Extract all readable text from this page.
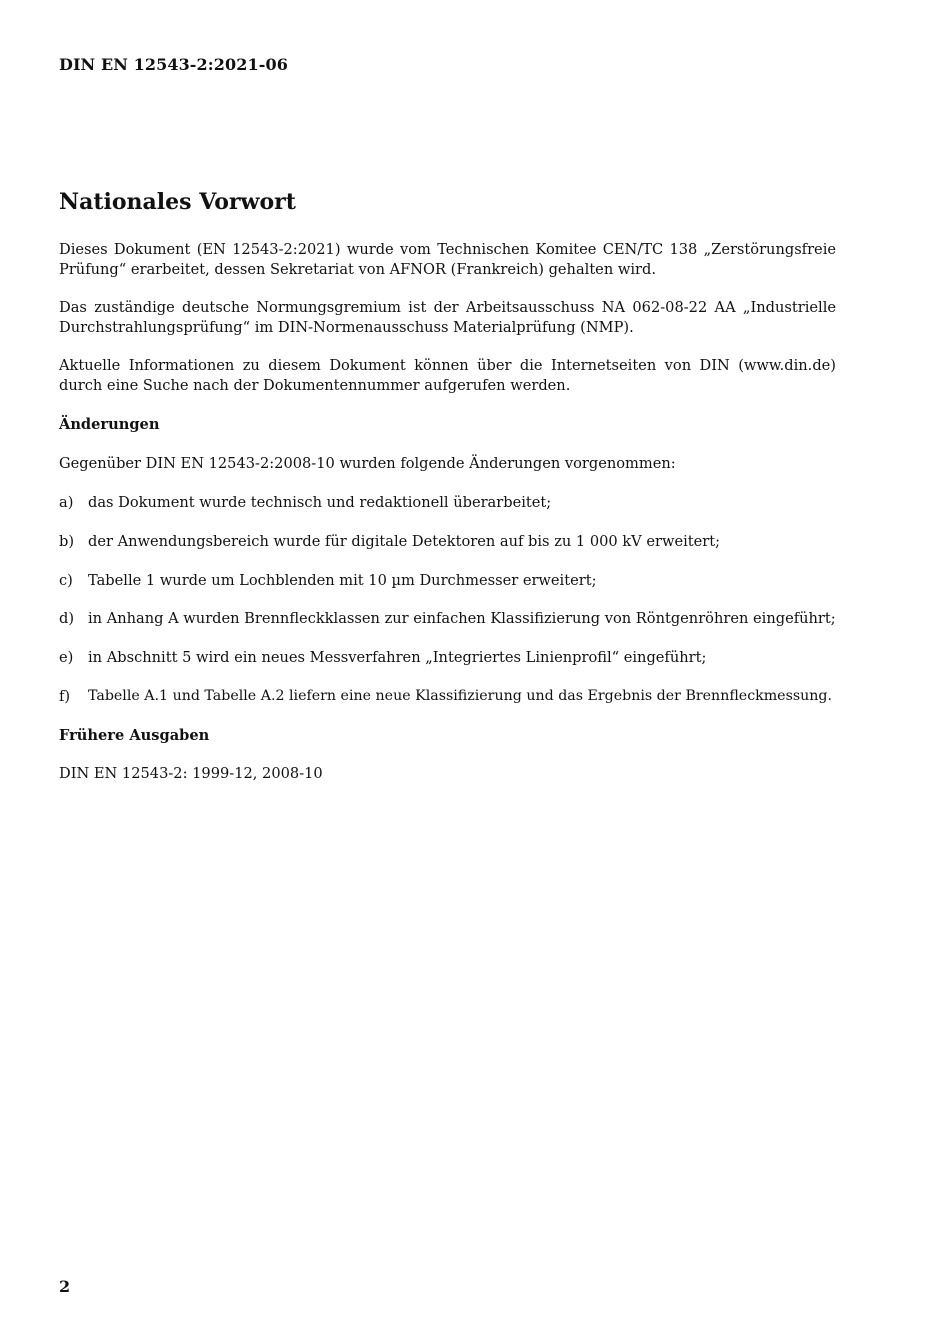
DIN EN 12543-2:2021-06
Nationales Vorwort

Dieses Dokument (EN 12543-2:2021) wurde vom Technischen Komitee CEN/TC 138 „Zerstörungsfreie Prüfung“ erarbeitet, dessen Sekretariat von AFNOR (Frankreich) gehalten wird.

Das zuständige deutsche Normungsgremium ist der Arbeitsausschuss NA 062-08-22 AA „Industrielle Durchstrahlungsprüfung“ im DIN-Normenausschuss Materialprüfung (NMP).

Aktuelle Informationen zu diesem Dokument können über die Internetseiten von DIN (www.din.de) durch eine Suche nach der Dokumentennummer aufgerufen werden.

Änderungen
Gegenüber DIN EN 12543-2:2008-10 wurden folgende Änderungen vorgenommen:
a) das Dokument wurde technisch und redaktionell überarbeitet;
b) der Anwendungsbereich wurde für digitale Detektoren auf bis zu 1 000 kV erweitert;
c) Tabelle 1 wurde um Lochblenden mit 10 µm Durchmesser erweitert;
d) in Anhang A wurden Brennfleckklassen zur einfachen Klassifizierung von Röntgenröhren eingeführt;
e) in Abschnitt 5 wird ein neues Messverfahren „Integriertes Linienprofil“ eingeführt;
f) Tabelle A.1 und Tabelle A.2 liefern eine neue Klassifizierung und das Ergebnis der Brennfleckmessung.
Frühere Ausgaben
DIN EN 12543-2: 1999-12, 2008-10
2
